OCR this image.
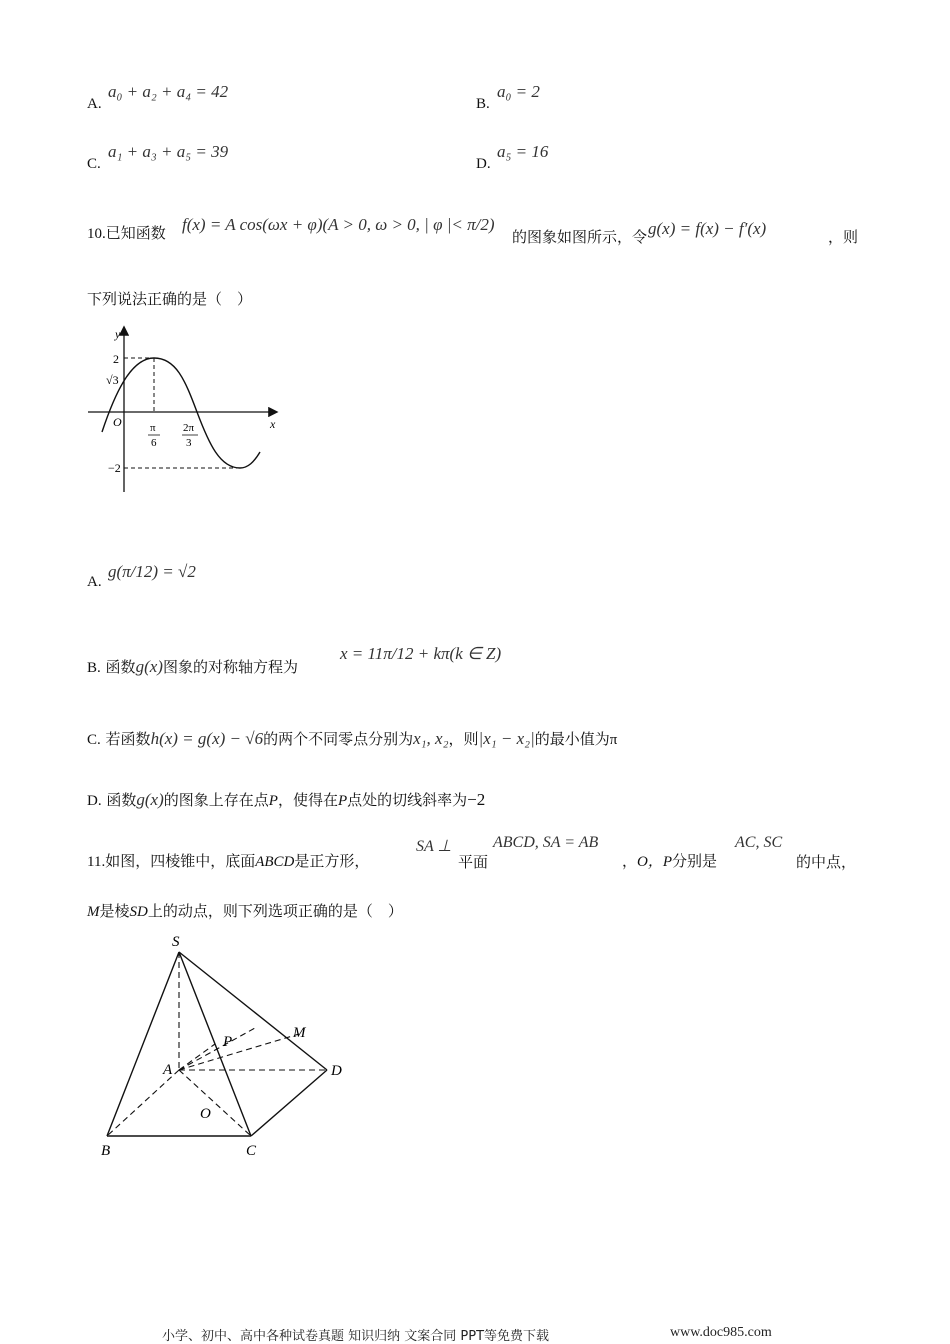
A.
a₀ + a₂ + a₄ = 42
B.
a₀ = 2
C.
a₁ + a₃ + a₅ = 39
D.
a₅ = 16
10.已知函数 f(x) = A cos(ωx + φ)(A > 0, ω > 0, | φ |< π/2)
的图象如图所示，令 g(x) = f(x) − f′(x)	，则
下列说法正确的是（　）
y
x
O
2
√3
−2
π
6
2π
3
A.
g(π/12) = √2
B. 函数g(x)图象的对称轴方程为
x = 11π/12 + kπ(k ∈ Z)
C. 若函数h(x) = g(x) − √6的两个不同零点分别为x₁, x₂，则|x₁ − x₂|的最小值为π
D. 函数g(x)的图象上存在点P，使得在P点处的切线斜率为−2
11.如图，四棱锥中，底面ABCD是正方形，
SA ⊥
平面
ABCD, SA = AB
，O，P分别是
AC, SC
的中点，
M是棱SD上的动点，则下列选项正确的是（　）
S
A
B	C
D
O
P
M
小学、初中、高中各种试卷真题 知识归纳 文案合同 PPT等免费下载	www.doc985.com
